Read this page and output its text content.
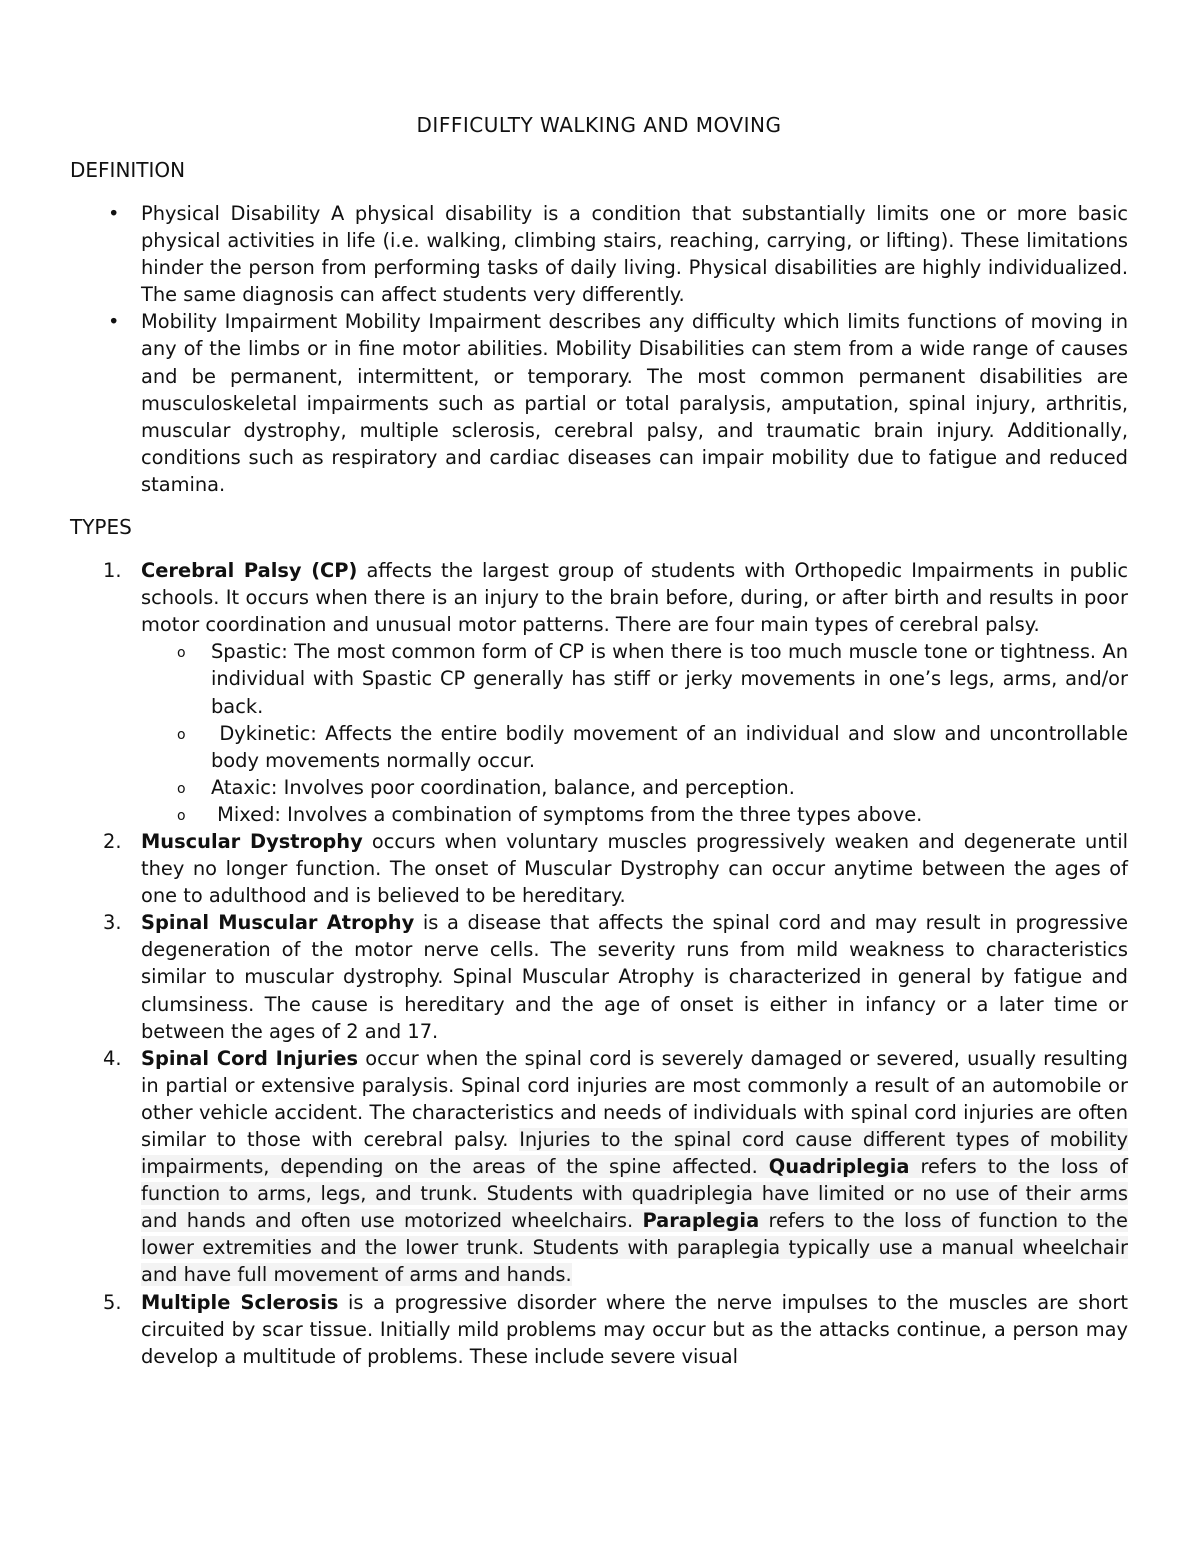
DIFFICULTY WALKING AND MOVING
DEFINITION
• Physical Disability A physical disability is a condition that substantially limits one or more basic physical activities in life (i.e. walking, climbing stairs, reaching, carrying, or lifting). These limitations hinder the person from performing tasks of daily living. Physical disabilities are highly individualized. The same diagnosis can affect students very differently.
• Mobility Impairment Mobility Impairment describes any difficulty which limits functions of moving in any of the limbs or in fine motor abilities. Mobility Disabilities can stem from a wide range of causes and be permanent, intermittent, or temporary. The most common permanent disabilities are musculoskeletal impairments such as partial or total paralysis, amputation, spinal injury, arthritis, muscular dystrophy, multiple sclerosis, cerebral palsy, and traumatic brain injury. Additionally, conditions such as respiratory and cardiac diseases can impair mobility due to fatigue and reduced stamina.
TYPES
1. Cerebral Palsy (CP) affects the largest group of students with Orthopedic Impairments in public schools. It occurs when there is an injury to the brain before, during, or after birth and results in poor motor coordination and unusual motor patterns. There are four main types of cerebral palsy.
o Spastic: The most common form of CP is when there is too much muscle tone or tightness. An individual with Spastic CP generally has stiff or jerky movements in one’s legs, arms, and/or back.
o Dykinetic: Affects the entire bodily movement of an individual and slow and uncontrollable body movements normally occur.
o Ataxic: Involves poor coordination, balance, and perception.
o Mixed: Involves a combination of symptoms from the three types above.
2. Muscular Dystrophy occurs when voluntary muscles progressively weaken and degenerate until they no longer function. The onset of Muscular Dystrophy can occur anytime between the ages of one to adulthood and is believed to be hereditary.
3. Spinal Muscular Atrophy is a disease that affects the spinal cord and may result in progressive degeneration of the motor nerve cells. The severity runs from mild weakness to characteristics similar to muscular dystrophy. Spinal Muscular Atrophy is characterized in general by fatigue and clumsiness. The cause is hereditary and the age of onset is either in infancy or a later time or between the ages of 2 and 17.
4. Spinal Cord Injuries occur when the spinal cord is severely damaged or severed, usually resulting in partial or extensive paralysis. Spinal cord injuries are most commonly a result of an automobile or other vehicle accident. The characteristics and needs of individuals with spinal cord injuries are often similar to those with cerebral palsy. Injuries to the spinal cord cause different types of mobility impairments, depending on the areas of the spine affected. Quadriplegia refers to the loss of function to arms, legs, and trunk. Students with quadriplegia have limited or no use of their arms and hands and often use motorized wheelchairs. Paraplegia refers to the loss of function to the lower extremities and the lower trunk. Students with paraplegia typically use a manual wheelchair and have full movement of arms and hands.
5. Multiple Sclerosis is a progressive disorder where the nerve impulses to the muscles are short circuited by scar tissue. Initially mild problems may occur but as the attacks continue, a person may develop a multitude of problems. These include severe visual
